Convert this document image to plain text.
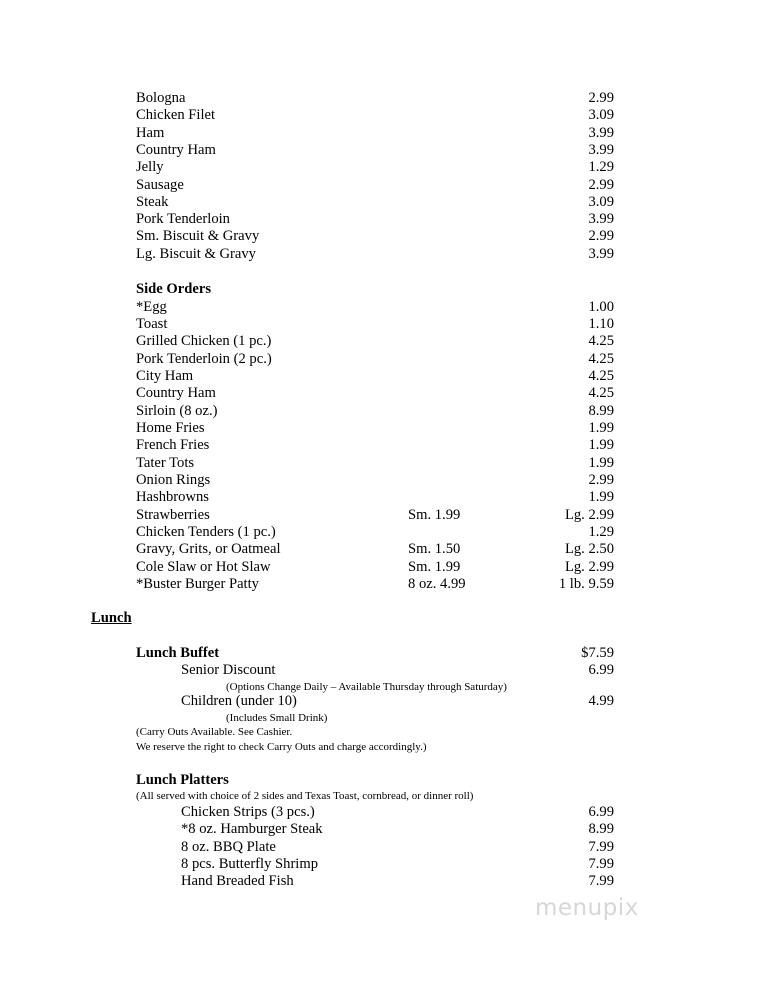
Bologna	2.99
Chicken Filet	3.09
Ham	3.99
Country Ham	3.99
Jelly	1.29
Sausage	2.99
Steak	3.09
Pork Tenderloin	3.99
Sm. Biscuit & Gravy	2.99
Lg. Biscuit & Gravy	3.99
Side Orders
*Egg	1.00
Toast	1.10
Grilled Chicken (1 pc.)	4.25
Pork Tenderloin (2 pc.)	4.25
City Ham	4.25
Country Ham	4.25
Sirloin (8 oz.)	8.99
Home Fries	1.99
French Fries	1.99
Tater Tots	1.99
Onion Rings	2.99
Hashbrowns	1.99
Strawberries	Sm. 1.99	Lg. 2.99
Chicken Tenders (1 pc.)	1.29
Gravy, Grits, or Oatmeal	Sm. 1.50	Lg. 2.50
Cole Slaw or Hot Slaw	Sm. 1.99	Lg. 2.99
*Buster Burger Patty	8 oz. 4.99	1 lb. 9.59
Lunch
Lunch Buffet	$7.59
Senior Discount	6.99
(Options Change Daily – Available Thursday through Saturday)
Children (under 10)	4.99
(Includes Small Drink)
(Carry Outs Available. See Cashier.
We reserve the right to check Carry Outs and charge accordingly.)
Lunch Platters
(All served with choice of 2 sides and Texas Toast, cornbread, or dinner roll)
Chicken Strips (3 pcs.)	6.99
*8 oz. Hamburger Steak	8.99
8 oz. BBQ Plate	7.99
8 pcs. Butterfly Shrimp	7.99
Hand Breaded Fish	7.99
menupix
